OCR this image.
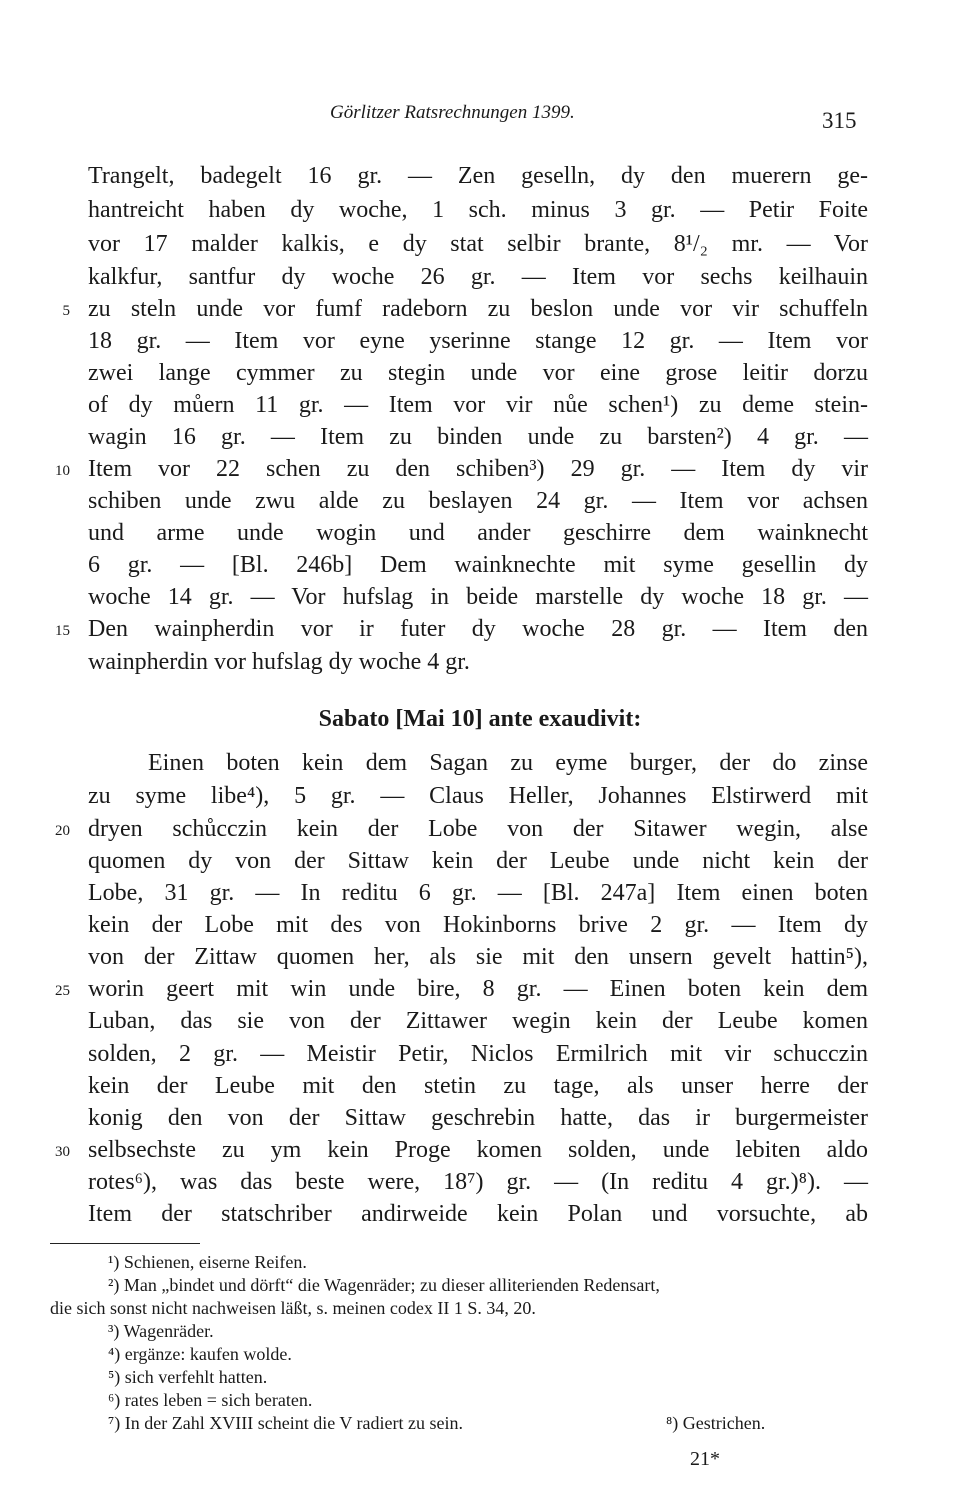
Görlitzer Ratsrechnungen 1399.	315
Trangelt, badegelt 16 gr. — Zen geselln, dy den muerern ge-
hantreicht haben dy woche, 1 sch. minus 3 gr. — Petir Foite
vor 17 malder kalkis, e dy stat selbir brante, 8¹/₂ mr. — Vor
kalkfur, santfur dy woche 26 gr. — Item vor sechs keilhauin
zu steln unde vor fumf radeborn zu beslon unde vor vir schuffeln
18 gr. — Item vor eyne yserinne stange 12 gr. — Item vor
zwei lange cymmer zu stegin unde vor eine grose leitir dorzu
of dy můern 11 gr. — Item vor vir nůe schen¹) zu deme stein-
wagin 16 gr. — Item zu binden unde zu barsten²) 4 gr. —
Item vor 22 schen zu den schiben³) 29 gr. — Item dy vir
schiben unde zwu alde zu beslayen 24 gr. — Item vor achsen
und arme unde wogin und ander geschirre dem wainknecht
6 gr. — [Bl. 246b] Dem wainknechte mit syme gesellin dy
woche 14 gr. — Vor hufslag in beide marstelle dy woche 18 gr. —
Den wainpherdin vor ir futer dy woche 28 gr. — Item den
wainpherdin vor hufslag dy woche 4 gr.
Sabato [Mai 10] ante exaudivit:
Einen boten kein dem Sagan zu eyme burger, der do zinse
zu syme libe⁴), 5 gr. — Claus Heller, Johannes Elstirwerd mit
dryen schůcczin kein der Lobe von der Sitawer wegin, alse
quomen dy von der Sittaw kein der Leube unde nicht kein der
Lobe, 31 gr. — In reditu 6 gr. — [Bl. 247a] Item einen boten
kein der Lobe mit des von Hokinborns brive 2 gr. — Item dy
von der Zittaw quomen her, als sie mit den unsern gevelt hattin⁵),
worin geert mit win unde bire, 8 gr. — Einen boten kein dem
Luban, das sie von der Zittawer wegin kein der Leube komen
solden, 2 gr. — Meistir Petir, Niclos Ermilrich mit vir schucczin
kein der Leube mit den stetin zu tage, als unser herre der
konig den von der Sittaw geschrebin hatte, das ir burgermeister
selbsechste zu ym kein Proge komen solden, unde lebiten aldo
rotes⁶), was das beste were, 18⁷) gr. — (In reditu 4 gr.)⁸). —
Item der statschriber andirweide kein Polan und vorsuchte, ab
5
10
15
20
25
30
¹) Schienen, eiserne Reifen.
²) Man „bindet und dörft“ die Wagenräder; zu dieser alliterienden Redensart,
die sich sonst nicht nachweisen läßt, s. meinen codex II 1 S. 34, 20.
³) Wagenräder.
⁴) ergänze: kaufen wolde.
⁵) sich verfehlt hatten.
⁶) rates leben = sich beraten.
⁷) In der Zahl XVIII scheint die V radiert zu sein.	⁸) Gestrichen.
21*
